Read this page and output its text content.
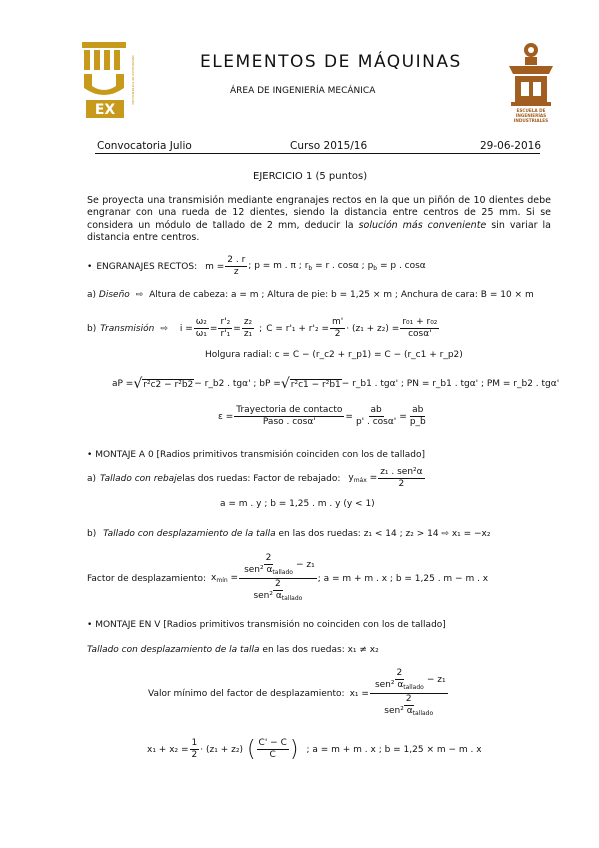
EX
UNIVERSIDAD DE EXTREMADURA
ESCUELA DE
INGENIERÍAS
INDUSTRIALES
ELEMENTOS DE MÁQUINAS
ÁREA DE INGENIERÍA MECÁNICA
Convocatoria Julio	Curso 2015/16	29-06-2016
EJERCICIO 1 (5 puntos)
Se proyecta una transmisión mediante engranajes rectos en la que un piñón de 10 dientes debe engranar con una rueda de 12 dientes, siendo la distancia entre centros de 25 mm. Si se considera un módulo de tallado de 2 mm, deducir la solución más conveniente sin variar la distancia entre centros.
• ENGRANAJES RECTOS: $m = \frac{2 . r}{z}$ ; p = m . π ; $r_b = r$ . cosα ; $p_b = p$ . cosα
a) Diseño ⇨ Altura de cabeza: a = m ; Altura de pie: b = 1,25 × m ; Anchura de cara: B = 10 × m
b) Transmisión ⇨ $i = \frac{\text{ω₂}}{\text{ω₁}} = \frac{\text{r'₂}}{\text{r'₁}} = \frac{\text{z₂}}{\text{z₁}}$ ; $C = r'_1 + r'_2 = \frac{m'}{2} \cdot (z_1 + z_2) = \frac{\text{r₀₁ + r₀₂}}{\cos\alpha'}$
Holgura radial: c = C − (r_c2 + r_p1) = C − (r_c1 + r_p2)
aP = √ r²c2 − r²b2 − r_b2 . tgα' ; bP = √ r²c1 − r²b1 − r_b1 . tgα' ; PN = r_b1 . tgα' ; PM = r_b2 . tgα'
$\varepsilon = \frac{\text{Trayectoria de contacto}}{\text{Paso . cosα'}} = \frac{ab}{p' . \cos\alpha'} = \frac{ab}{p\_b}$
• MONTAJE A 0 [Radios primitivos transmisión coinciden con los de tallado]
a) Tallado con rebaje las dos ruedas: Factor de rebajado: $y_{máx} = \frac{\text{z₁ . sen²α}}{2}$
a = m . y ; b = 1,25 . m . y (y < 1)
b) Tallado con desplazamiento de la talla en las dos ruedas: z₁ < 14 ; z₂ > 14 ⇨ x₁ = −x₂
Factor de desplazamiento: $x_{mín} = \frac{\frac{2}{sen^2 \alpha_{tallado}} - z_1}{\frac{2}{sen^2 \alpha_{tallado}}}$ ; a = m + m . x ; b = 1,25 . m − m . x
• MONTAJE EN V [Radios primitivos transmisión no coinciden con los de tallado]
Tallado con desplazamiento de la talla en las dos ruedas: x₁ ≠ x₂
Valor mínimo del factor de desplazamiento: $x_1 = \frac{\frac{2}{sen^2 \alpha_{tallado}} - z_1}{\frac{2}{sen^2 \alpha_{tallado}}}$
$x_1 + x_2 = \frac{1}{2} \cdot (z_1 + z_2)$ ( $\frac{C' - C}{C}$ ) ; a = m + m . x ; b = 1,25 × m − m . x
